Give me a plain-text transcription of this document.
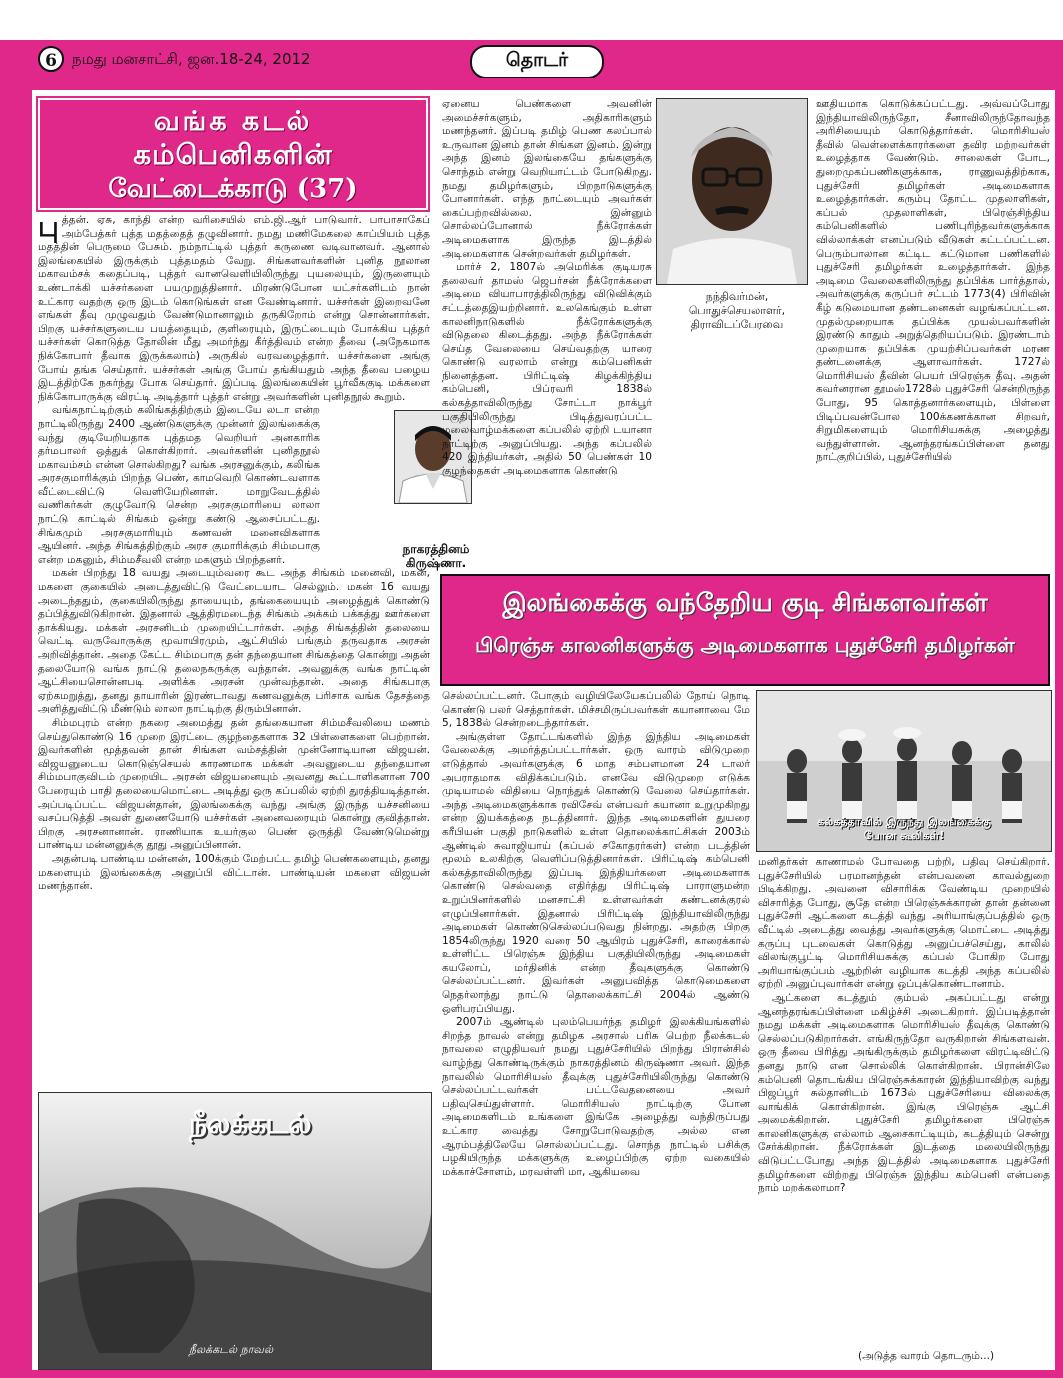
6	நமது மனசாட்சி, ஜன.18-24, 2012	தொடர்
வங்க கடல்
கம்பெனிகளின்
வேட்டைக்காடு (37)

புத்தன். ஏசு, காந்தி என்ற வரிசையில் எம்.ஜி.ஆர் பாடுவார். பாபாசாகேப் அம்பேத்கர் புத்த மதத்தைத் தழுவினார். நமது மணிமேகலை காப்பியம் புத்த மதத்தின் பெருமை பேசும். நம்நாட்டில் புத்தர் கருணை வடிவானவர். ஆனால் இலங்கையில் இருக்கும் புத்தமதம் வேறு. சிங்களவர்களின் புனித நூலான மகாவம்சக் கதைப்படி, புத்தர் வானவெளியிலிருந்து புயலையும், இருளையும் உண்டாக்கி யச்சர்களை பயமுறுத்தினார். மிரண்டுபோன யட்சர்களிடம் நான் உட்கார வதற்கு ஒரு இடம் கொடுங்கள் என வேண்டினார். யச்சர்கள் இறைவனே எங்கள் தீவு முழுவதும் வேண்டுமானாலும் தருகிறோம் என்று சொன்னார்கள். பிறகு யச்சர்களுடைய பயத்தையும், குளிரையும், இருட்டையும் போக்கிய புத்தர் யச்சர்கள் கொடுத்த தோலின் மீது அமர்ந்து கீர்த்திவம் என்ற தீவை (அநேகமாக நிக்கோபார் தீவாக இருக்கலாம்) அருகில் வரவழைத்தார். யச்சர்களை அங்கு போய் தங்க செய்தார். யச்சர்கள் அங்கு போய் தங்கியதும் அந்த தீவை பழைய இடத்திற்கே நகர்ந்து போக செய்தார். இப்படி இலங்கையின் பூர்வீககுடி மக்களை நிக்கோபாருக்கு விரட்டி அடித்தார் புத்தர் என்று அவர்களின் புனிதநூல் கூறும்.

வங்கநாட்டிற்கும் கலிங்கத்திற்கும் இடையே லடா என்ற நாட்டிலிருந்து 2400 ஆண்டுகளுக்கு முன்னர் இலங்கைக்கு வந்து குடியேறியதாக புத்தமத வெறியர் அனகாரிக தர்மபாலர் ஒத்துக் கொள்கிறார். அவர்களின் புனிதநூல் மகாவம்சம் என்ன சொல்கிறது? வங்க அரசனுக்கும், கலிங்க அரசகுமாரிக்கும் பிறந்த பெண், காமவெறி கொண்டவளாக வீட்டைவிட்டு வெளியேறினாள். மாறுவேடத்தில் வணிகர்கள் குழுவோடு சென்ற அரசகுமாரியை லாலா நாட்டு காட்டில் சிங்கம் ஒன்று கண்டு ஆசைப்பட்டது. சிங்கமும் அரசகுமாரியும் கணவன் மனைவிகளாக ஆயினர். அந்த சிங்கத்திற்கும் அரச குமாரிக்கும் சிம்மபாகு என்ற மகனும், சிம்மசீவலி என்ற மகளும் பிறந்தனர்.

மகன் பிறந்து 18 வயது அடையும்வரை கூட அந்த சிங்கம் மனைவி, மகன், மகளை குகையில் அடைத்துவிட்டு வேட்டையாட செல்லும். மகன் 16 வயது அடைந்ததும், குகையிலிருந்து தாயையும், தங்கையையும் அழைத்துக் கொண்டு தப்பித்துவிடுகிறான். இதனால் ஆத்திரமடைந்த சிங்கம் அக்கம் பக்கத்து ஊர்களை தாக்கியது. மக்கள் அரசனிடம் முறையிட்டார்கள். அந்த சிங்கத்தின் தலையை வெட்டி வருவோருக்கு மூவாயிரமும், ஆட்சியில் பங்கும் தருவதாக அரசன் அறிவித்தான். அதை கேட்ட சிம்மபாகு தன் தந்தையான சிங்கத்தை கொன்று அதன் தலையோடு வங்க நாட்டு தலைநகருக்கு வந்தான். அவனுக்கு வங்க நாட்டின் ஆட்சியைசொன்னபடி அளிக்க அரசன் முன்வந்தான். அதை சிங்கபாகு ஏற்கமறுத்து, தனது தாயாரின் இரண்டாவது கணவனுக்கு பரிசாக வங்க தேசத்தை அளித்துவிட்டு மீண்டும் லாலா நாட்டிற்கு திரும்பினான்.

சிம்மபுரம் என்ற நகரை அமைத்து தன் தங்கையான சிம்மசீவலியை மணம் செய்துகொண்டு 16 முறை இரட்டை குழந்தைகளாக 32 பிள்ளைகளை பெற்றான். இவர்களின் மூத்தவன் தான் சிங்கள வம்சத்தின் முன்னோடியான விஜயன். விஜயனுடைய கொடுஞ்செயல் காரணமாக மக்கள் அவனுடைய தந்தையான சிம்மபாகுவிடம் முறையிட அரசன் விஜயனையும் அவனது கூட்டாளிகளான 700 பேரையும் பாதி தலையைமொட்டை அடித்து ஒரு கப்பலில் ஏற்றி துரத்தியடித்தான். அப்படிப்பட்ட விஜயன்தான், இலங்கைக்கு வந்து அங்கு இருந்த யச்சனியை வசப்படுத்தி அவள் துணையோடு யச்சர்கள் அனைவரையும் கொன்று குவித்தான். பிறகு அரசனானான். ராணியாக உயர்குல பெண் ஒருத்தி வேண்டுமென்று பாண்டிய மன்னனுக்கு தூது அனுப்பினான்.

அதன்படி பாண்டிய மன்னன், 100க்கும் மேற்பட்ட தமிழ் பெண்களையும், தனது மகளையும் இலங்கைக்கு அனுப்பி விட்டான். பாண்டியன் மகளை விஜயன் மணந்தான்.

நாகரத்தினம்
கிருஷ்ணா.

ஏனைய பெண்களை அவனின் அமைச்சர்களும், அதிகாரிகளும் மணந்தனர். இப்படி தமிழ் பெண கலப்பால் உருவான இனம் தான் சிங்கள இனம். இன்று அந்த இனம் இலங்கையே தங்களுக்கு சொந்தம் என்று வெறியாட்டம் போடுகிறது. நமது தமிழர்களும், பிறநாடுகளுக்கு போனார்கள். எந்த நாட்டையும் அவர்கள் கைப்பற்றவில்லை. இன்னும் சொல்லப்போனால் நீக்ரோக்கள் அடிமைகளாக இருந்த இடத்தில் அடிமைகளாக சென்றவர்கள் தமிழர்கள்.

மார்ச் 2, 1807ல் அமெரிக்க குடியரசு தலைவர் தாமஸ் ஜெபர்சன் நீக்ரோக்களை அடிமை வியாபாரத்திலிருந்து விடுவிக்கும் சட்டத்தைஇயற்றினார். உலகெங்கும் உள்ள காலனிநாடுகளில் நீக்ரோக்களுக்கு விடுதலை கிடைத்தது. அந்த நீக்ரோக்கள் செய்த வேலையை செய்வதற்கு யாரை கொண்டு வரலாம் என்று கம்பெனிகள் நினைத்தன. பிரிட்டிஷ் கிழக்கிந்திய கம்பெனி, பிப்ரவரி 1838ல் கல்கத்தாவிலிருந்து சோட்டா நாக்பூர் பகுதியிலிருந்து பிடித்துவரப்பட்ட மலைவாழ்மக்களை கப்பலில் ஏற்றி டயானா நாட்டிற்கு அனுப்பியது. அந்த கப்பலில் 420 இந்தியர்கள், அதில் 50 பெண்கள் 10 குழந்தைகள் அடிமைகளாக கொண்டு

நந்திவர்மன்,
பொதுச்செயலாளர்,
திராவிடப்பேரவை

ஊதியமாக கொடுக்கப்பட்டது. அவ்வப்போது இந்தியாவிலிருந்தோ, சீனாவிலிருந்தோவந்த அரிசியையும் கொடுத்தார்கள். மொரிசியஸ் தீவில் வெள்ளைக்காரர்களை தவிர மற்றவர்கள் உழைத்தாக வேண்டும். சாலைகள் போட, துறைமுகப்பணிகளுக்காக, ராணுவத்திற்காக, புதுச்சேரி தமிழர்கள் அடிமைகளாக உழைத்தார்கள். கரும்பு தோட்ட முதலாளிகள், கப்பல் முதலாளிகள், பிரெஞ்சிந்திய கம்பெனிகளில் பணிபுரிந்தவர்களுக்காக வில்லாக்கள் எனப்படும் வீடுகள் கட்டப்பட்டன. பெரும்பாலான கட்டிட கட்டுமான பணிகளில் புதுச்சேரி தமிழர்கள் உழைத்தார்கள். இந்த அடிமை வேலைகளிலிருந்து தப்பிக்க பார்த்தால், அவர்களுக்கு கருப்பர் சட்டம் 1773(4) பிரிவின் கீழ் கடுமையான தண்டனைகள் வழங்கப்பட்டன. முதல்முறையாக தப்பிக்க முயல்பவர்களின் இரண்டு காதும் அறுத்தெறியப்படும். இரண்டாம் முறையாக தப்பிக்க முயற்சிப்பவர்கள் மரண தண்டனைக்கு ஆளாவார்கள். 1727ல் மொரிசியஸ் தீவின் பெயர் பிரெஞ்சு தீவு. அதன் கவர்னரான தூமஸ்1728ல் புதுச்சேரி சென்றிருந்த போது, 95 கொத்தனார்களையும், பிள்ளை பிடிப்பவன்போல 100க்கணக்கான சிறவர், சிறுமிகளையும் மொரிசியசுக்கு அழைத்து வந்துள்ளான். ஆனந்தரங்கப்பிள்ளை தனது நாட்குறிப்பில், புதுச்சேரியில்

இலங்கைக்கு வந்தேறிய குடி சிங்களவர்கள்
பிரெஞ்சு காலனிகளுக்கு அடிமைகளாக புதுச்சேரி தமிழர்கள்

செல்லப்பட்டனர். போகும் வழியிலேயேகப்பலில் நோய் நொடி கொண்டு பலர் செத்தார்கள். மிச்சமிருப்பவர்கள் கயானாவை மே 5, 1838ல் சென்றடைந்தார்கள்.

அங்குள்ள தோட்டங்களில் இந்த இந்திய அடிமைகள் வேலைக்கு அமர்த்தப்பட்டார்கள். ஒரு வாரம் விடுமுறை எடுத்தால் அவர்களுக்கு 6 மாத சம்பளமான 24 டாலர் அபராதமாக விதிக்கப்படும். எனவே விடுமுறை எடுக்க முடியாமல் விதியை நொந்துக் கொண்டு வேலை செய்தார்கள். அந்த அடிமைகளுக்காக ரவிசேவ் என்பவர் கயானா உறுமுகிறது என்ற இயக்கத்தை நடத்தினார். இந்த அடிமைகளின் துயரை கரீபியன் பகுதி நாடுகளில் உள்ள தொலைக்காட்சிகள் 2003ம் ஆண்டில் சுவாஜியாய் (கப்பல் சகோதரர்கள்) என்ற படத்தின் மூலம் உலகிற்கு வெளிப்படுத்தினார்கள். பிரிட்டிஷ் கம்பெனி கல்கத்தாவிலிருந்து இப்படி இந்தியர்களை அடிமைகளாக கொண்டு செல்வதை எதிர்த்து பிரிட்டிஷ் பாராளுமன்ற உறுப்பினர்களில் மனசாட்சி உள்ளவர்கள் கண்டனக்குரல் எழுப்பினார்கள். இதனால் பிரிட்டிஷ் இந்தியாவிலிருந்து அடிமைகள் கொண்டுசெல்லப்படுவது நின்றது. அதற்கு பிறகு 1854லிருந்து 1920 வரை 50 ஆயிரம் புதுச்சேரி, காரைக்கால் உள்ளிட்ட பிரெஞ்சு இந்திய பகுதியிலிருந்து அடிமைகள் கயலோப், மர்தினிக் என்ற தீவுகளுக்கு கொண்டு செல்லப்பட்டனர். இவர்கள் அனுபவித்த கொடுமைகளை நெதர்லாந்து நாட்டு தொலைக்காட்சி 2004ல் ஆண்டு ஒளிபரப்பியது.

2007ம் ஆண்டில் புலம்பெயர்ந்த தமிழர் இலக்கியங்களில் சிறந்த நாவல் என்று தமிழக அரசால் பரிசு பெற்ற நீலக்கடல் நாவலை எழுதியவர் நமது புதுச்சேரியில் பிறந்து பிரான்சில் வாழ்ந்து கொண்டிருக்கும் நாகரத்தினம் கிருஷ்ணா அவர். இந்த நாவலில் மொரிசியஸ் தீவுக்கு புதுச்சேரியிலிருந்து கொண்டு செல்லப்பட்டவர்கள் பட்டவேதனையை அவர் பதிவுசெய்துள்ளார். மொரிசியஸ் நாட்டிற்கு போன அடிமைகளிடம் உங்களை இங்கே அழைத்து வந்திருப்பது உட்கார வைத்து சோறுபோடுவதற்கு அல்ல என ஆரம்பத்திலேயே சொல்லப்பட்டது. சொந்த நாட்டில் பசிக்கு பழகியிருந்த மக்களுக்கு உழைப்பிற்கு ஏற்ற வகையில் மக்காச்சோளம், மரவள்ளி மா, ஆகியவை

கல்கத்தாவில் இருந்து இலங்கைக்கு
போன கூலிகள்!

மனிதர்கள் காணாமல் போவதை பற்றி, பதிவு செய்கிறார். புதுச்சேரியில் பரமானந்தன் என்பவனை காவல்துறை பிடிக்கிறது. அவனை விசாரிக்க வேண்டிய முறையில் விசாரித்த போது, சூதே என்ற பிரெஞ்சுக்காரன் தான் தன்னை புதுச்சேரி ஆட்களை கடத்தி வந்து அரியாங்குப்பத்தில் ஒரு வீட்டில் அடைத்து வைத்து அவர்களுக்கு மொட்டை அடித்து கருப்பு புடவைகள் கொடுத்து அனுப்பச்செய்து, காலில் விலங்குபூட்டி மொரிசியசுக்கு கப்பல் போகிற போது அரியாங்குப்பம் ஆற்றின் வழியாக கடத்தி அந்த கப்பலில் ஏற்றி அனுப்புவார்கள் என்று ஒப்புக்கொண்டானாம்.

ஆட்களை கடத்தும் கும்பல் அகப்பட்டது என்று ஆனந்தரங்கப்பிள்ளை மகிழ்ச்சி அடைகிறார். இப்படித்தான் நமது மக்கள் அடிமைகளாக மொரிசியஸ் தீவுக்கு கொண்டு செல்லப்படுகிறார்கள். எங்கிருந்தோ வருகிறான் சிங்களவன். ஒரு தீவை பிரித்து அங்கிருக்கும் தமிழர்களை விரட்டிவிட்டு தனது நாடு என சொல்லிக் கொள்கிறான். பிரான்சிலே கம்பெனி தொடங்கிய பிரெஞ்சுக்காரன் இந்தியாவிற்கு வந்து பிஜப்பூர் சுல்தானிடம் 1673ல் புதுச்சேரியை விலைக்கு வாங்கிக் கொள்கிறான். இங்கு பிரெஞ்சு ஆட்சி அமைக்கிறான். புதுச்சேரி தமிழர்களை பிரெஞ்சு காலனிகளுக்கு எல்லாம் ஆசைகாட்டியும், கடத்தியும் சென்று சேர்க்கிறான். நீக்ரோக்கள் இடத்தை மலையிலிருந்து விடுபட்டபோது அந்த இடத்தில் அடிமைகளாக புதுச்சேரி தமிழர்களை விற்றது பிரெஞ்சு இந்திய கம்பெனி என்பதை நாம் மறக்கலாமா?

நீலக்கடல்
நீலக்கடல் நாவல்	(அடுத்த வாரம் தொடரும்...)
